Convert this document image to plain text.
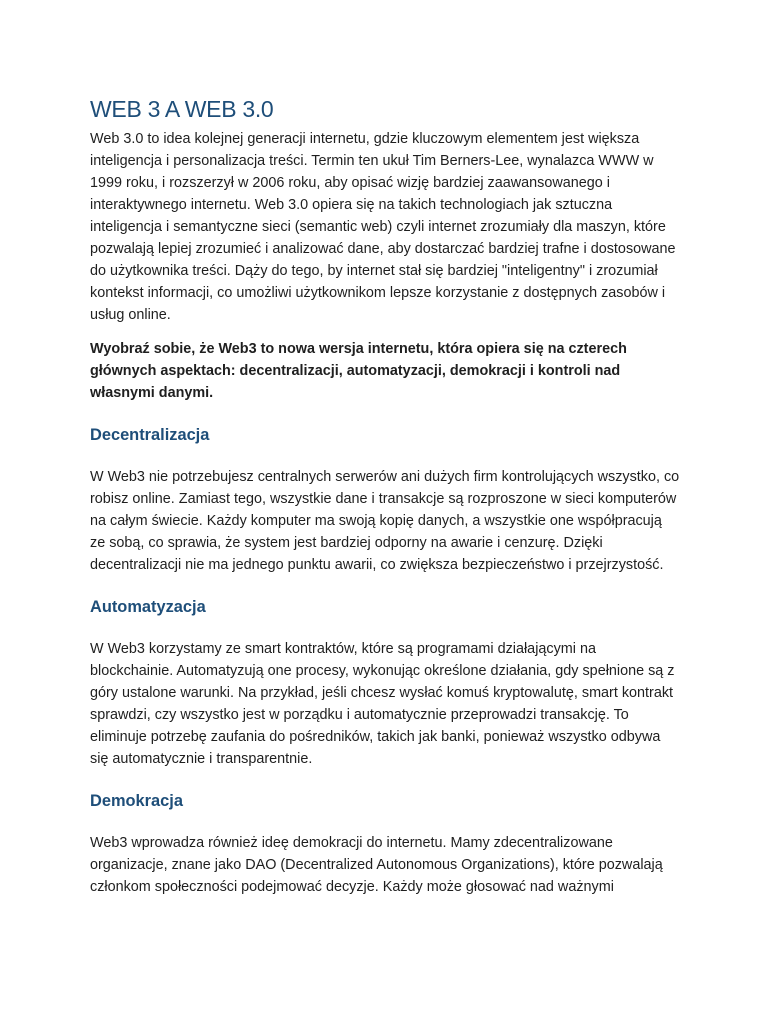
WEB 3 A WEB 3.0

Web 3.0 to idea kolejnej generacji internetu, gdzie kluczowym elementem jest większa inteligencja i personalizacja treści. Termin ten ukuł Tim Berners-Lee, wynalazca WWW w 1999 roku, i rozszerzył w 2006 roku, aby opisać wizję bardziej zaawansowanego i interaktywnego internetu. Web 3.0 opiera się na takich technologiach jak sztuczna inteligencja i semantyczne sieci (semantic web) czyli internet zrozumiały dla maszyn, które pozwalają lepiej zrozumieć i analizować dane, aby dostarczać bardziej trafne i dostosowane do użytkownika treści. Dąży do tego, by internet stał się bardziej "inteligentny" i zrozumiał kontekst informacji, co umożliwi użytkownikom lepsze korzystanie z dostępnych zasobów i usług online.

Wyobraź sobie, że Web3 to nowa wersja internetu, która opiera się na czterech głównych aspektach: decentralizacji, automatyzacji, demokracji i kontroli nad własnymi danymi.

Decentralizacja

W Web3 nie potrzebujesz centralnych serwerów ani dużych firm kontrolujących wszystko, co robisz online. Zamiast tego, wszystkie dane i transakcje są rozproszone w sieci komputerów na całym świecie. Każdy komputer ma swoją kopię danych, a wszystkie one współpracują ze sobą, co sprawia, że system jest bardziej odporny na awarie i cenzurę. Dzięki decentralizacji nie ma jednego punktu awarii, co zwiększa bezpieczeństwo i przejrzystość.

Automatyzacja

W Web3 korzystamy ze smart kontraktów, które są programami działającymi na blockchainie. Automatyzują one procesy, wykonując określone działania, gdy spełnione są z góry ustalone warunki. Na przykład, jeśli chcesz wysłać komuś kryptowalutę, smart kontrakt sprawdzi, czy wszystko jest w porządku i automatycznie przeprowadzi transakcję. To eliminuje potrzebę zaufania do pośredników, takich jak banki, ponieważ wszystko odbywa się automatycznie i transparentnie.

Demokracja

Web3 wprowadza również ideę demokracji do internetu. Mamy zdecentralizowane organizacje, znane jako DAO (Decentralized Autonomous Organizations), które pozwalają członkom społeczności podejmować decyzje. Każdy może głosować nad ważnymi
